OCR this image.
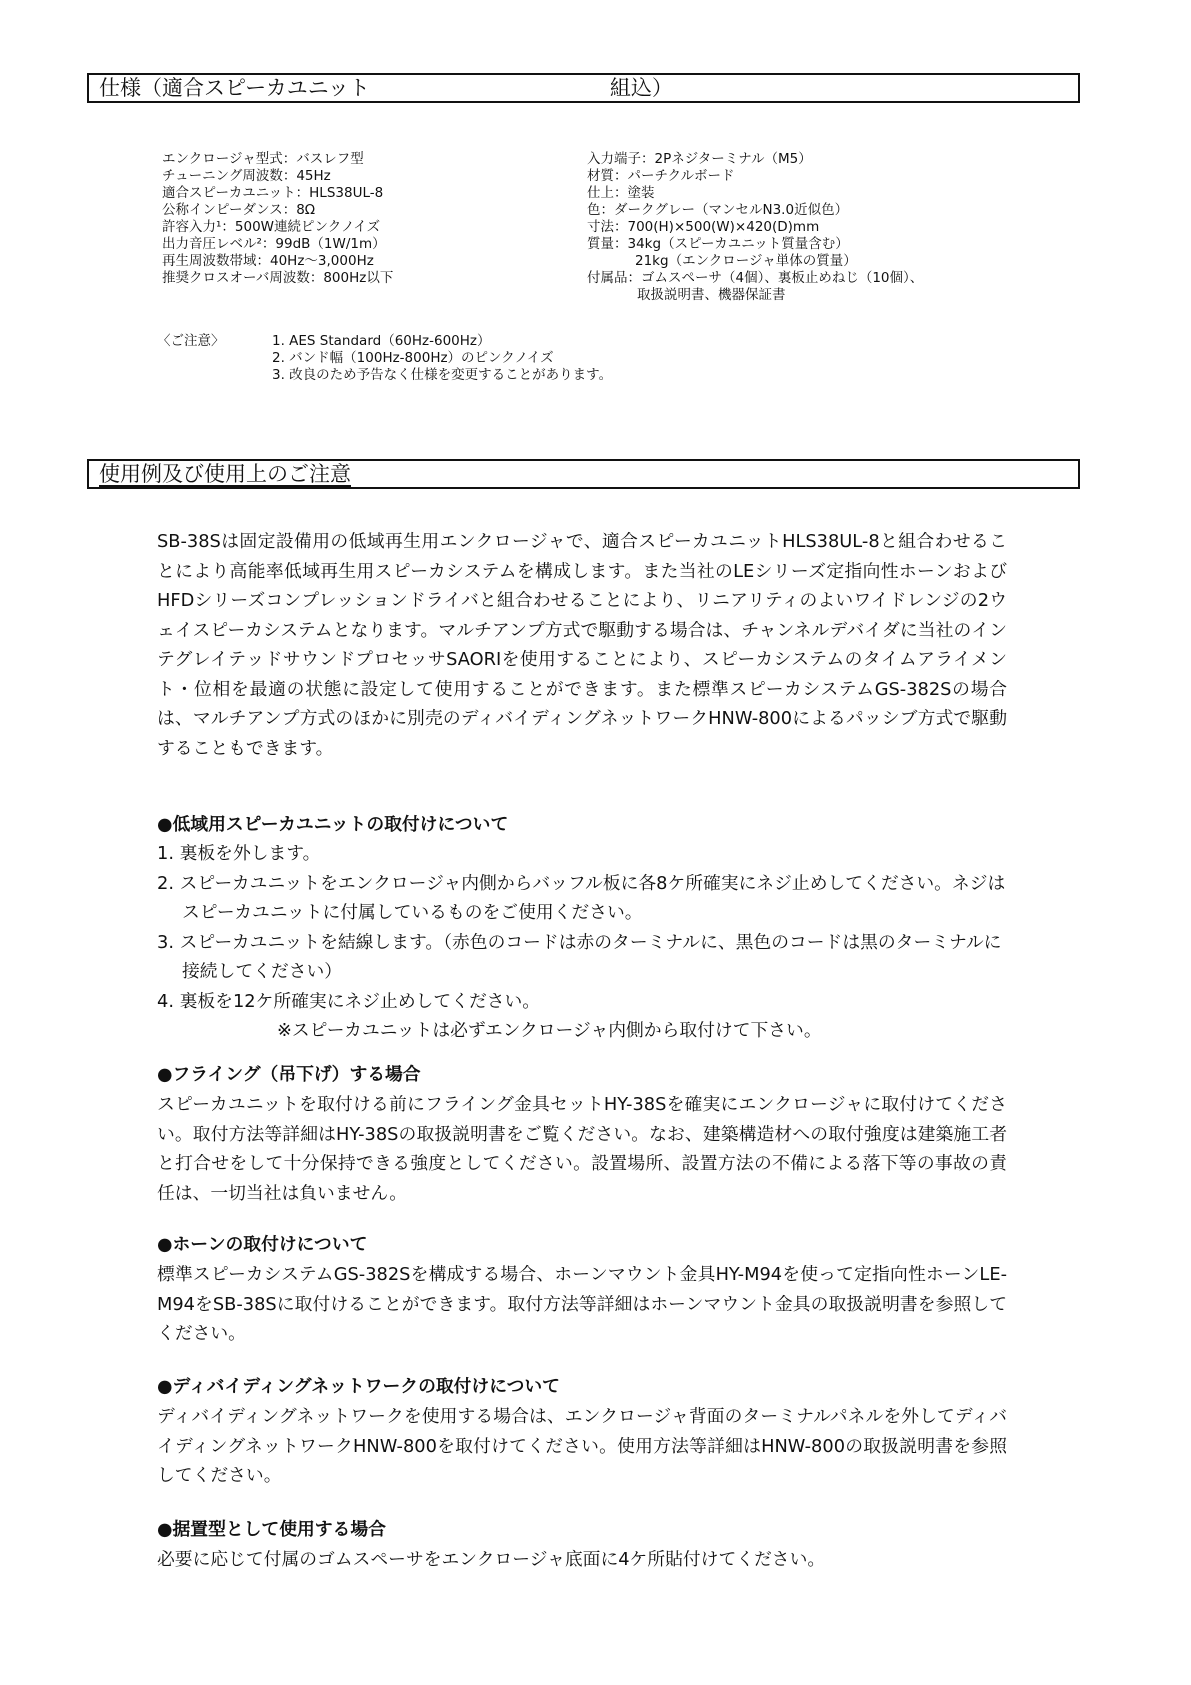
仕様（適合スピーカユニット	組込）
エンクロージャ型式：バスレフ型
チューニング周波数：45Hz
適合スピーカユニット：HLS38UL-8
公称インピーダンス：8Ω
許容入力¹：500W連続ピンクノイズ
出力音圧レベル²：99dB（1W/1m）
再生周波数帯域：40Hz～3,000Hz
推奨クロスオーバ周波数：800Hz以下
入力端子：2Pネジターミナル（M5）
材質：パーチクルボード
仕上：塗装
色：ダークグレー（マンセルN3.0近似色）
寸法：700(H)×500(W)×420(D)mm
質量：34kg（スピーカユニット質量含む）
21kg（エンクロージャ単体の質量）
付属品：ゴムスペーサ（4個）、裏板止めねじ（10個）、
取扱説明書、機器保証書
〈ご注意〉	1. AES Standard（60Hz-600Hz）
2. バンド幅（100Hz-800Hz）のピンクノイズ
3. 改良のため予告なく仕様を変更することがあります。
使用例及び使用上のご注意
SB-38Sは固定設備用の低域再生用エンクロージャで、適合スピーカユニットHLS38UL-8と組合わせることにより高能率低域再生用スピーカシステムを構成します。また当社のLEシリーズ定指向性ホーンおよびHFDシリーズコンプレッションドライバと組合わせることにより、リニアリティのよいワイドレンジの2ウェイスピーカシステムとなります。マルチアンプ方式で駆動する場合は、チャンネルデバイダに当社のインテグレイテッドサウンドプロセッサSAORIを使用することにより、スピーカシステムのタイムアライメント・位相を最適の状態に設定して使用することができます。また標準スピーカシステムGS-382Sの場合は、マルチアンプ方式のほかに別売のディバイディングネットワークHNW-800によるパッシブ方式で駆動することもできます。
●低域用スピーカユニットの取付けについて
1. 裏板を外します。
2. スピーカユニットをエンクロージャ内側からバッフル板に各8ケ所確実にネジ止めしてください。ネジはスピーカユニットに付属しているものをご使用ください。
3. スピーカユニットを結線します。（赤色のコードは赤のターミナルに、黒色のコードは黒のターミナルに接続してください）
4. 裏板を12ケ所確実にネジ止めしてください。
※スピーカユニットは必ずエンクロージャ内側から取付けて下さい。
●フライング（吊下げ）する場合
スピーカユニットを取付ける前にフライング金具セットHY-38Sを確実にエンクロージャに取付けてください。取付方法等詳細はHY-38Sの取扱説明書をご覧ください。なお、建築構造材への取付強度は建築施工者と打合せをして十分保持できる強度としてください。設置場所、設置方法の不備による落下等の事故の責任は、一切当社は負いません。
●ホーンの取付けについて
標準スピーカシステムGS-382Sを構成する場合、ホーンマウント金具HY-M94を使って定指向性ホーンLE-M94をSB-38Sに取付けることができます。取付方法等詳細はホーンマウント金具の取扱説明書を参照してください。
●ディバイディングネットワークの取付けについて
ディバイディングネットワークを使用する場合は、エンクロージャ背面のターミナルパネルを外してディバイディングネットワークHNW-800を取付けてください。使用方法等詳細はHNW-800の取扱説明書を参照してください。
●据置型として使用する場合
必要に応じて付属のゴムスペーサをエンクロージャ底面に4ケ所貼付けてください。
